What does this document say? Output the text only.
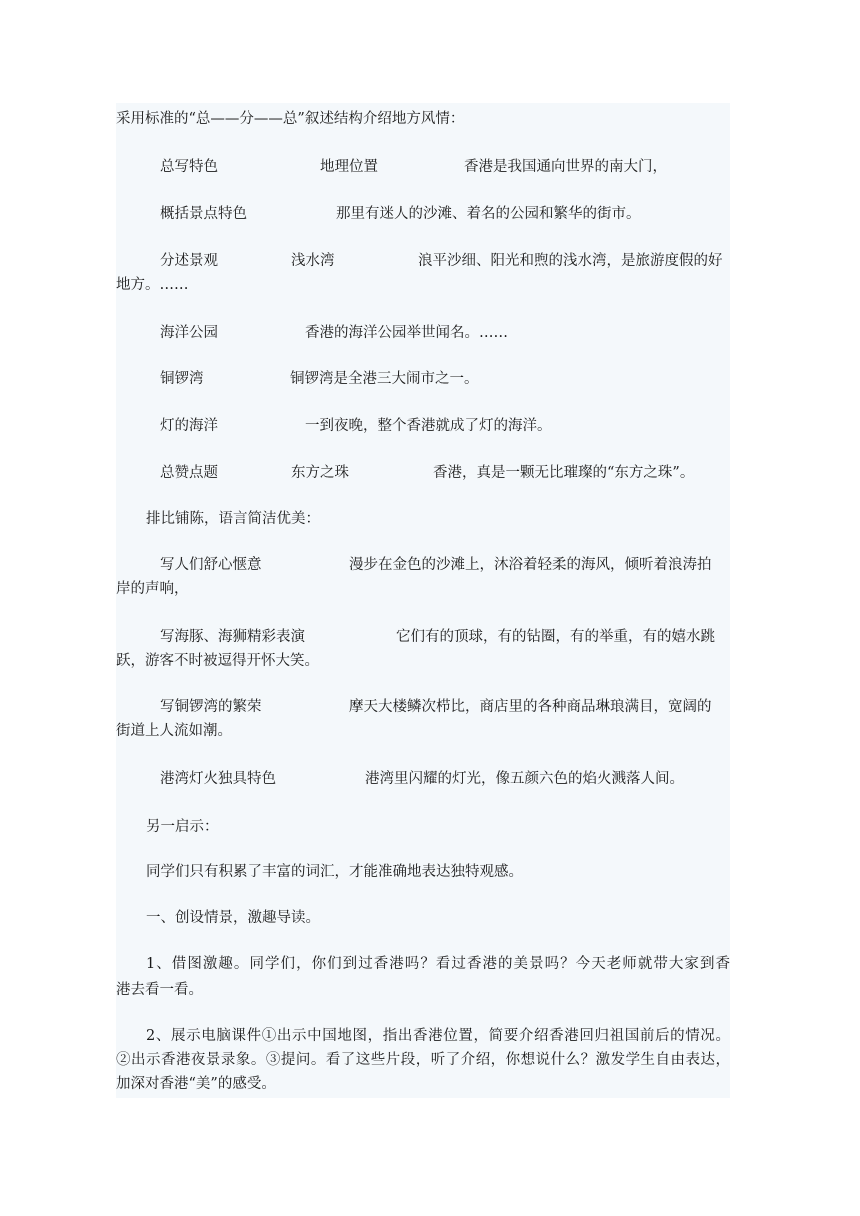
采用标准的“总——分——总”叙述结构介绍地方风情：
总写特色	地理位置	香港是我国通向世界的南大门，
概括景点特色	那里有迷人的沙滩、着名的公园和繁华的街市。
分述景观	浅水湾	浪平沙细、阳光和煦的浅水湾，是旅游度假的好
地方。……
海洋公园	香港的海洋公园举世闻名。……
铜锣湾	铜锣湾是全港三大闹市之一。
灯的海洋	一到夜晚，整个香港就成了灯的海洋。
总赞点题	东方之珠	香港，真是一颗无比璀璨的“东方之珠”。
排比铺陈，语言简洁优美：
写人们舒心惬意	漫步在金色的沙滩上，沐浴着轻柔的海风，倾听着浪涛拍
岸的声响，
写海豚、海狮精彩表演	它们有的顶球，有的钻圈，有的举重，有的嬉水跳
跃，游客不时被逗得开怀大笑。
写铜锣湾的繁荣	摩天大楼鳞次栉比，商店里的各种商品琳琅满目，宽阔的
街道上人流如潮。
港湾灯火独具特色	港湾里闪耀的灯光，像五颜六色的焰火溅落人间。
另一启示：
同学们只有积累了丰富的词汇，才能准确地表达独特观感。
一、创设情景，激趣导读。
1、借图激趣。同学们，你们到过香港吗？看过香港的美景吗？今天老师就带大家到香
港去看一看。
2、展示电脑课件①出示中国地图，指出香港位置，简要介绍香港回归祖国前后的情况。
②出示香港夜景录象。③提问。看了这些片段，听了介绍，你想说什么？激发学生自由表达，
加深对香港“美”的感受。
